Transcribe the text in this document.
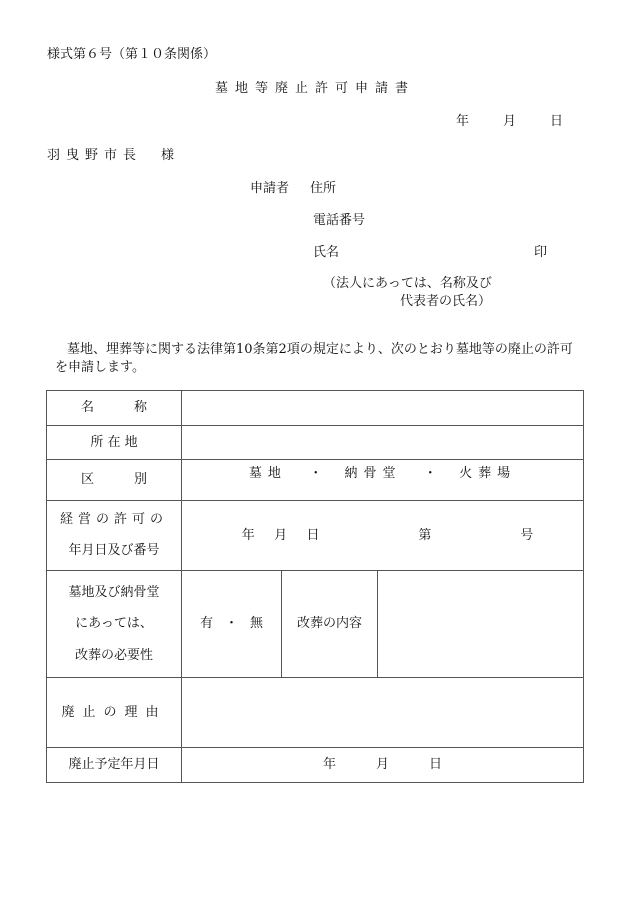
様式第６号（第１０条関係）
墓地等廃止許可申請書
年	月	日
羽曳野市長　様
申請者 住所
電話番号
氏名	印
（法人にあっては、名称及び
代表者の氏名）
墓地、埋葬等に関する法律第10条第2項の規定により、次のとおり墓地等の廃止の許可を申請します。
名 称			

所 在 地			

区 別	墓地 ・ 納骨堂 ・ 火葬場		

経営の許可の
年月日及び番号	年 月 日 第 号		

墓地及び納骨堂
にあっては、
改葬の必要性	有 ・ 無	改葬の内容	
廃止の理由			
廃止予定年月日	年 月 日		
